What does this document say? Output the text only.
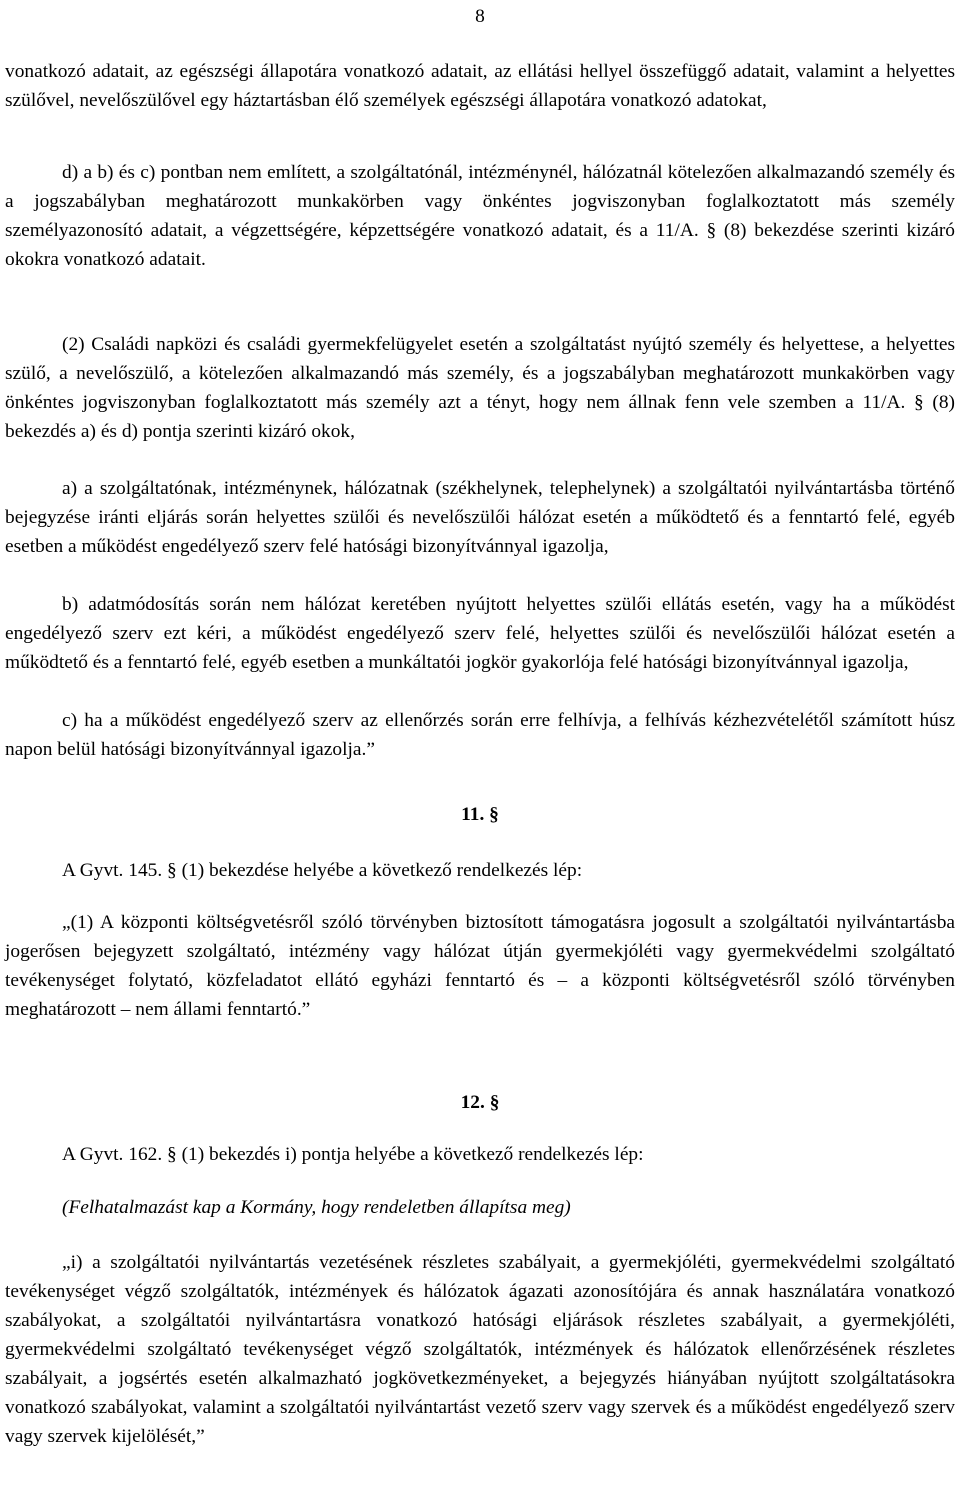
8

vonatkozó adatait, az egészségi állapotára vonatkozó adatait, az ellátási hellyel összefüggő adatait, valamint a helyettes szülővel, nevelőszülővel egy háztartásban élő személyek egészségi állapotára vonatkozó adatokat,

d) a b) és c) pontban nem említett, a szolgáltatónál, intézménynél, hálózatnál kötelezően alkalmazandó személy és a jogszabályban meghatározott munkakörben vagy önkéntes jogviszonyban foglalkoztatott más személy személyazonosító adatait, a végzettségére, képzettségére vonatkozó adatait, és a 11/A. § (8) bekezdése szerinti kizáró okokra vonatkozó adatait.

(2) Családi napközi és családi gyermekfelügyelet esetén a szolgáltatást nyújtó személy és helyettese, a helyettes szülő, a nevelőszülő, a kötelezően alkalmazandó más személy, és a jogszabályban meghatározott munkakörben vagy önkéntes jogviszonyban foglalkoztatott más személy azt a tényt, hogy nem állnak fenn vele szemben a 11/A. § (8) bekezdés a) és d) pontja szerinti kizáró okok,

a) a szolgáltatónak, intézménynek, hálózatnak (székhelynek, telephelynek) a szolgáltatói nyilvántartásba történő bejegyzése iránti eljárás során helyettes szülői és nevelőszülői hálózat esetén a működtető és a fenntartó felé, egyéb esetben a működést engedélyező szerv felé hatósági bizonyítvánnyal igazolja,

b) adatmódosítás során nem hálózat keretében nyújtott helyettes szülői ellátás esetén, vagy ha a működést engedélyező szerv ezt kéri, a működést engedélyező szerv felé, helyettes szülői és nevelőszülői hálózat esetén a működtető és a fenntartó felé, egyéb esetben a munkáltatói jogkör gyakorlója felé hatósági bizonyítvánnyal igazolja,

c) ha a működést engedélyező szerv az ellenőrzés során erre felhívja, a felhívás kézhezvételétől számított húsz napon belül hatósági bizonyítvánnyal igazolja.”

11. §
A Gyvt. 145. § (1) bekezdése helyébe a következő rendelkezés lép:

„(1) A központi költségvetésről szóló törvényben biztosított támogatásra jogosult a szolgáltatói nyilvántartásba jogerősen bejegyzett szolgáltató, intézmény vagy hálózat útján gyermekjóléti vagy gyermekvédelmi szolgáltató tevékenységet folytató, közfeladatot ellátó egyházi fenntartó és – a központi költségvetésről szóló törvényben meghatározott – nem állami fenntartó.”

12. §
A Gyvt. 162. § (1) bekezdés i) pontja helyébe a következő rendelkezés lép:
(Felhatalmazást kap a Kormány, hogy rendeletben állapítsa meg)

„i) a szolgáltatói nyilvántartás vezetésének részletes szabályait, a gyermekjóléti, gyermekvédelmi szolgáltató tevékenységet végző szolgáltatók, intézmények és hálózatok ágazati azonosítójára és annak használatára vonatkozó szabályokat, a szolgáltatói nyilvántartásra vonatkozó hatósági eljárások részletes szabályait, a gyermekjóléti, gyermekvédelmi szolgáltató tevékenységet végző szolgáltatók, intézmények és hálózatok ellenőrzésének részletes szabályait, a jogsértés esetén alkalmazható jogkövetkezményeket, a bejegyzés hiányában nyújtott szolgáltatásokra vonatkozó szabályokat, valamint a szolgáltatói nyilvántartást vezető szerv vagy szervek és a működést engedélyező szerv vagy szervek kijelölését,”
